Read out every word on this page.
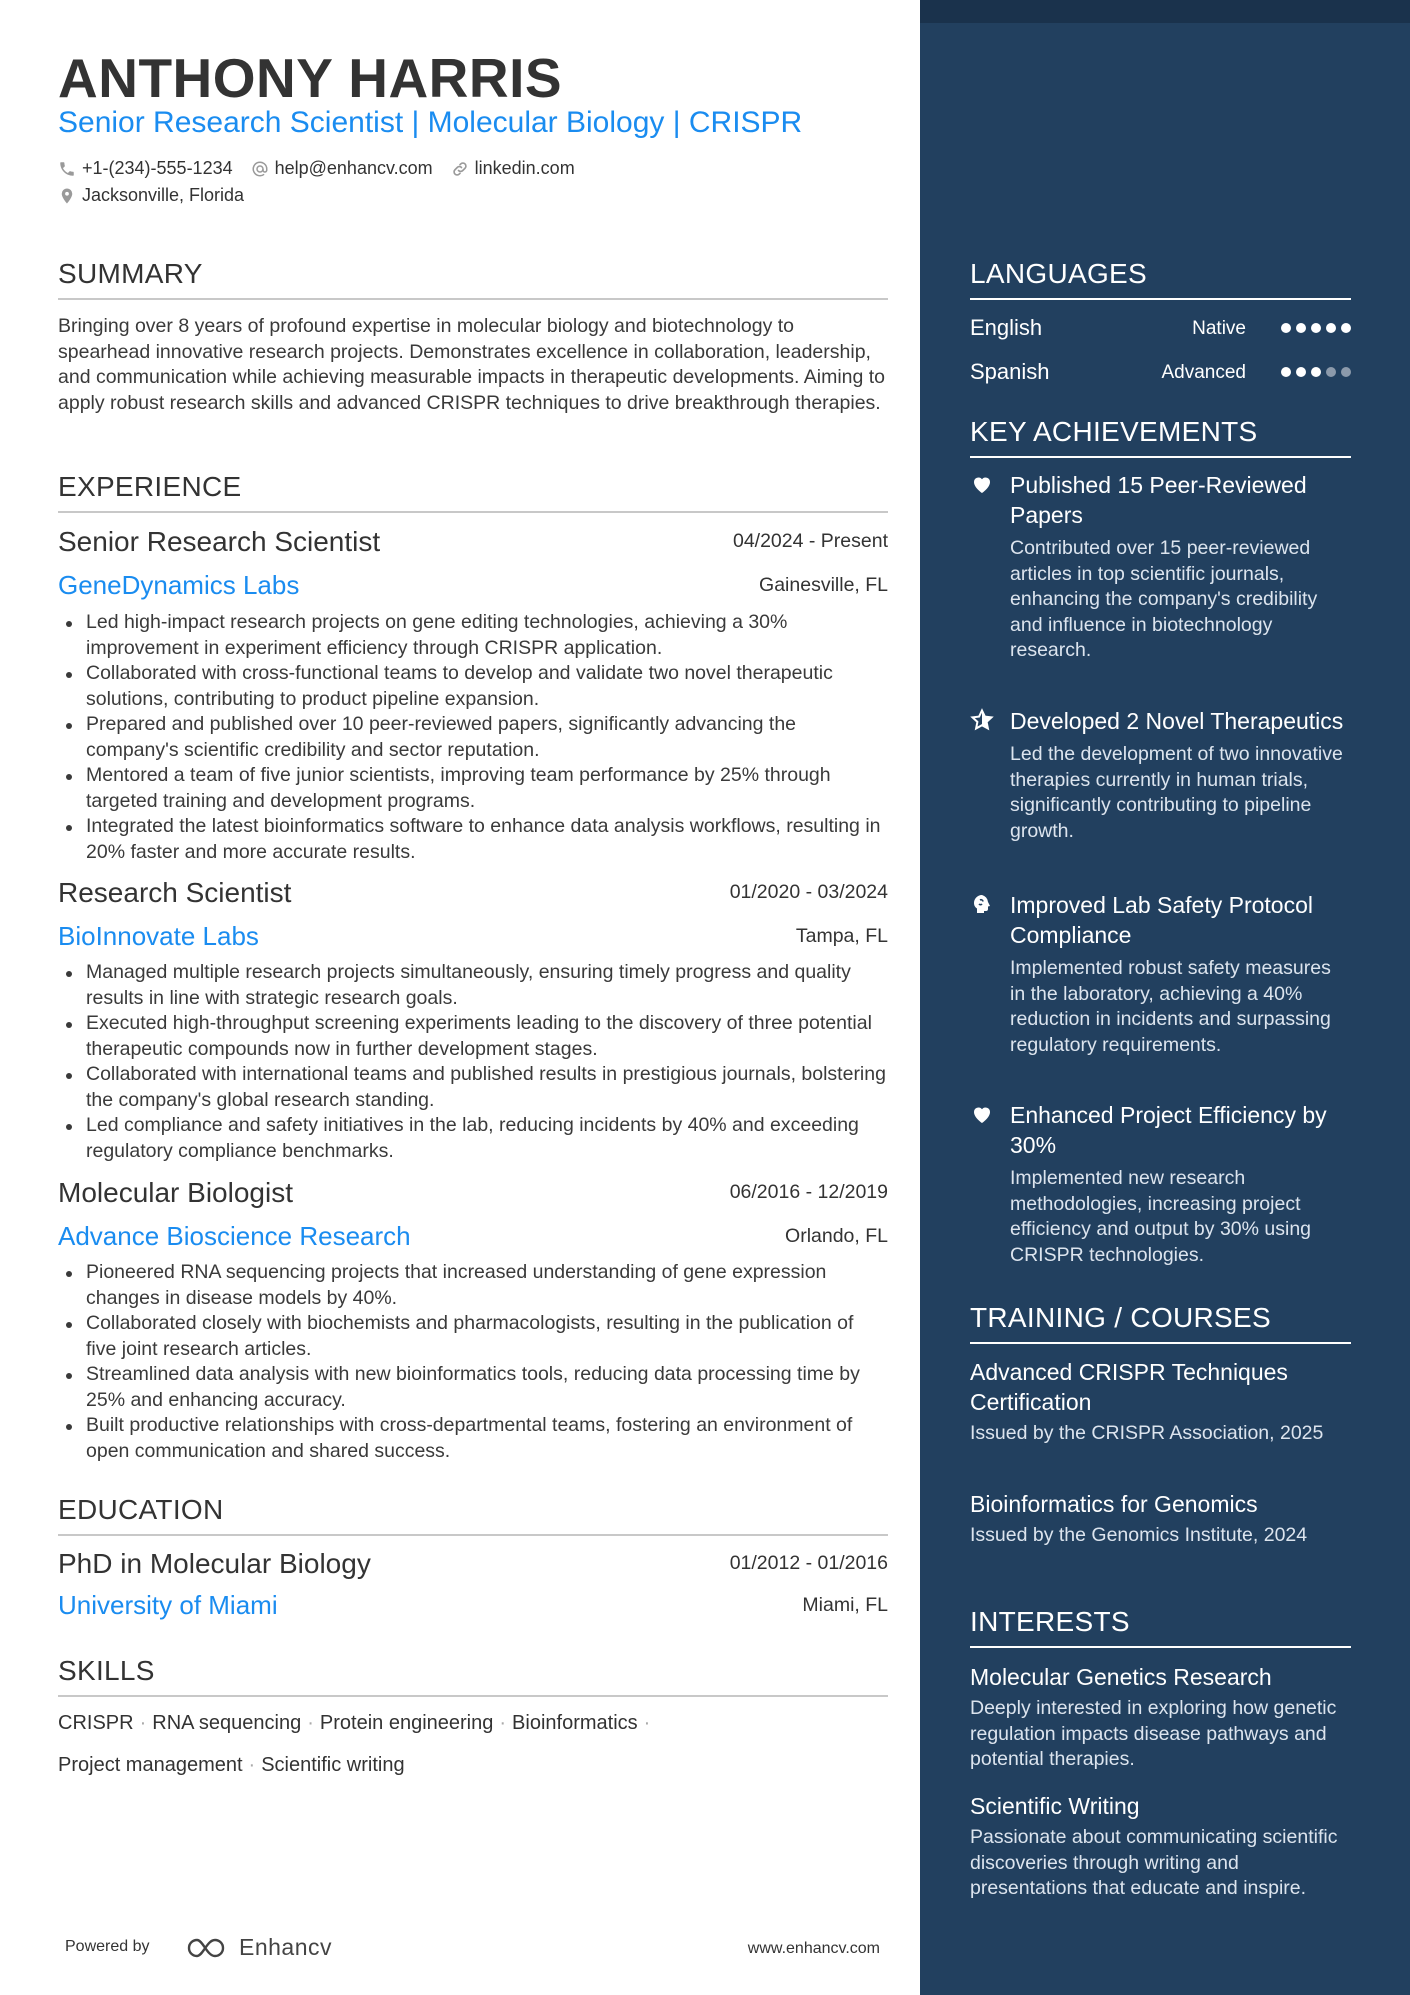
ANTHONY HARRIS
Senior Research Scientist | Molecular Biology | CRISPR
+1-(234)-555-1234 help@enhancv.com linkedin.com
Jacksonville, Florida
SUMMARY
Bringing over 8 years of profound expertise in molecular biology and biotechnology to spearhead innovative research projects. Demonstrates excellence in collaboration, leadership, and communication while achieving measurable impacts in therapeutic developments. Aiming to apply robust research skills and advanced CRISPR techniques to drive breakthrough therapies.
EXPERIENCE
Senior Research Scientist	04/2024 - Present
GeneDynamics Labs	Gainesville, FL
Led high-impact research projects on gene editing technologies, achieving a 30% improvement in experiment efficiency through CRISPR application.
Collaborated with cross-functional teams to develop and validate two novel therapeutic solutions, contributing to product pipeline expansion.
Prepared and published over 10 peer-reviewed papers, significantly advancing the company's scientific credibility and sector reputation.
Mentored a team of five junior scientists, improving team performance by 25% through targeted training and development programs.
Integrated the latest bioinformatics software to enhance data analysis workflows, resulting in 20% faster and more accurate results.
Research Scientist	01/2020 - 03/2024
BioInnovate Labs	Tampa, FL
Managed multiple research projects simultaneously, ensuring timely progress and quality results in line with strategic research goals.
Executed high-throughput screening experiments leading to the discovery of three potential therapeutic compounds now in further development stages.
Collaborated with international teams and published results in prestigious journals, bolstering the company's global research standing.
Led compliance and safety initiatives in the lab, reducing incidents by 40% and exceeding regulatory compliance benchmarks.
Molecular Biologist	06/2016 - 12/2019
Advance Bioscience Research	Orlando, FL
Pioneered RNA sequencing projects that increased understanding of gene expression changes in disease models by 40%.
Collaborated closely with biochemists and pharmacologists, resulting in the publication of five joint research articles.
Streamlined data analysis with new bioinformatics tools, reducing data processing time by 25% and enhancing accuracy.
Built productive relationships with cross-departmental teams, fostering an environment of open communication and shared success.
EDUCATION
PhD in Molecular Biology	01/2012 - 01/2016
University of Miami	Miami, FL
SKILLS
CRISPR · RNA sequencing · Protein engineering · Bioinformatics ·
Project management · Scientific writing
Powered by	Enhancv	www.enhancv.com
LANGUAGES
English	Native
Spanish	Advanced
KEY ACHIEVEMENTS
Published 15 Peer-Reviewed Papers
Contributed over 15 peer-reviewed articles in top scientific journals, enhancing the company's credibility and influence in biotechnology research.
Developed 2 Novel Therapeutics
Led the development of two innovative therapies currently in human trials, significantly contributing to pipeline growth.
Improved Lab Safety Protocol Compliance
Implemented robust safety measures in the laboratory, achieving a 40% reduction in incidents and surpassing regulatory requirements.
Enhanced Project Efficiency by 30%
Implemented new research methodologies, increasing project efficiency and output by 30% using CRISPR technologies.
TRAINING / COURSES
Advanced CRISPR Techniques Certification
Issued by the CRISPR Association, 2025
Bioinformatics for Genomics
Issued by the Genomics Institute, 2024
INTERESTS
Molecular Genetics Research
Deeply interested in exploring how genetic regulation impacts disease pathways and potential therapies.
Scientific Writing
Passionate about communicating scientific discoveries through writing and presentations that educate and inspire.
